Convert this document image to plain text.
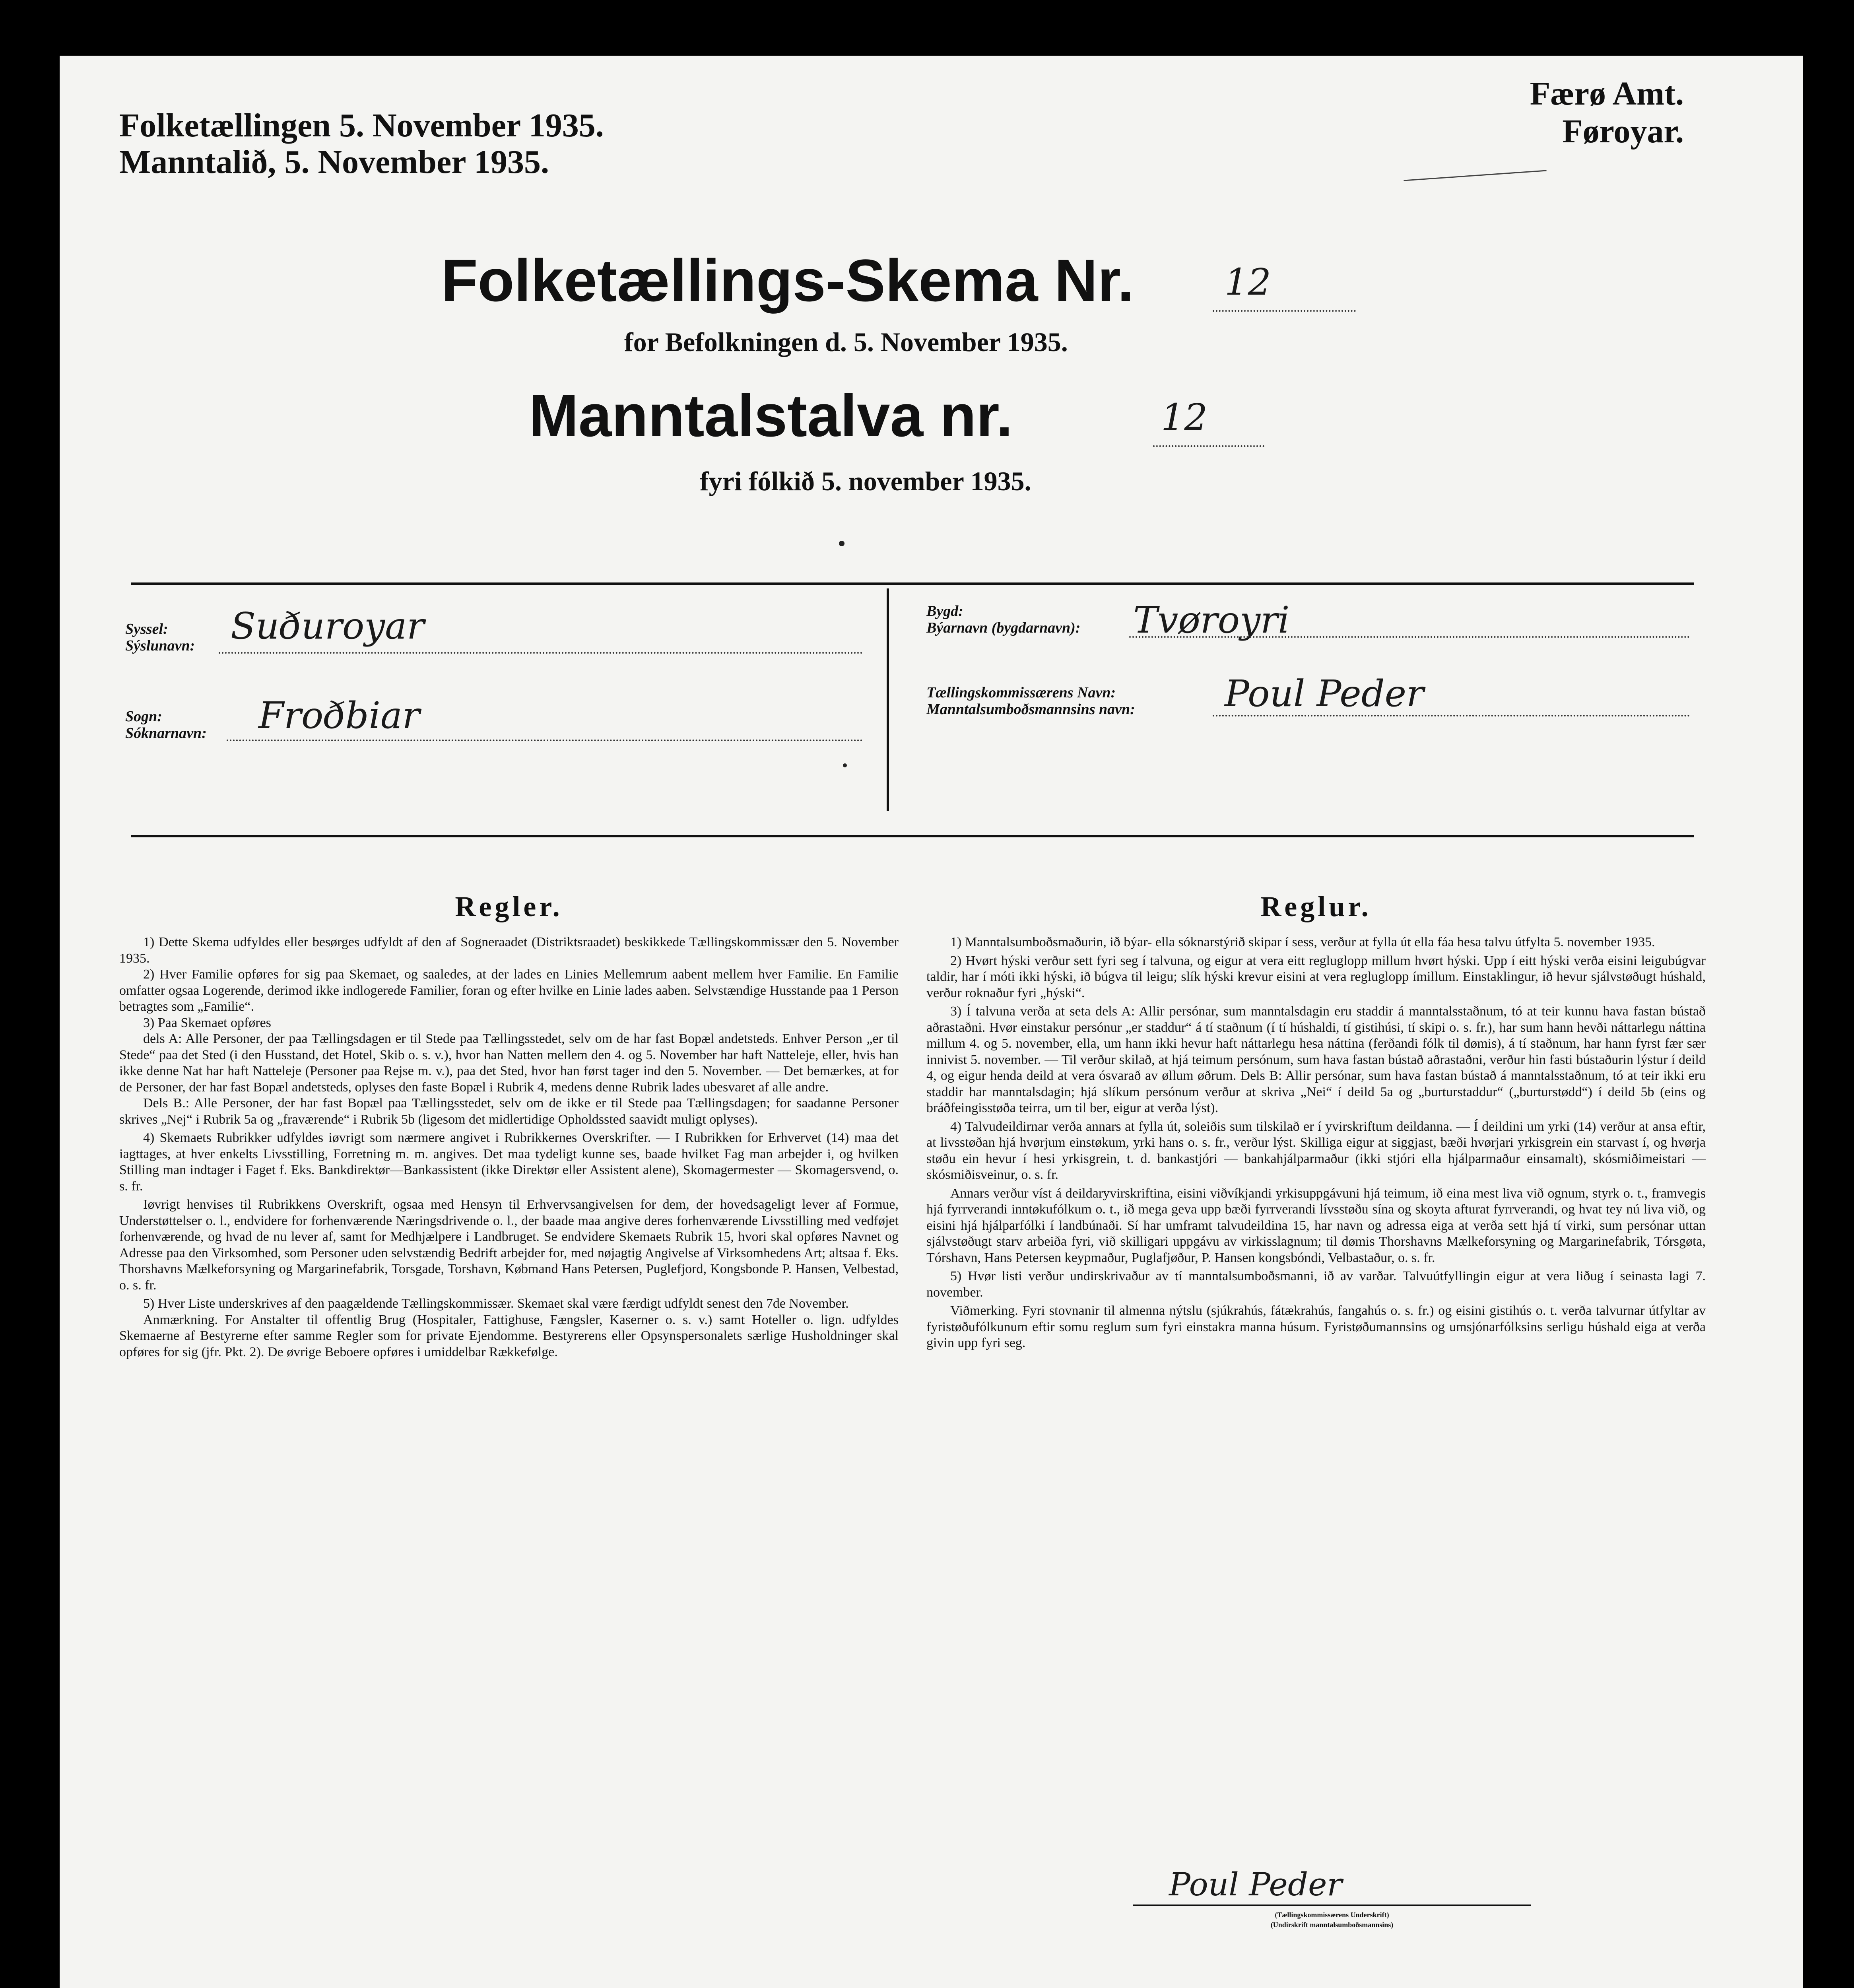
Folketællingen 5. November 1935.
Manntalið, 5. November 1935.
Færø Amt.
Føroyar.
Folketællings-Skema Nr. 12
for Befolkningen d. 5. November 1935.
Manntalstalva nr.	12
fyri fólkið 5. november 1935.
Syssel:
Sýslunavn: Suðuroyar
Sogn:
Sóknarnavn: Froðbiar
Bygd:
Býarnavn (bygdarnavn): Tvøroyri
Tællingskommissærens Navn:
Manntalsumboðsmannsins navn: Poul Peder
Regler.

1) Dette Skema udfyldes eller besørges udfyldt af den af Sogneraadet (Distriktsraadet) beskikkede Tællingskommissær den 5. November 1935.

2) Hver Familie opføres for sig paa Skemaet, og saaledes, at der lades en Linies Mellemrum aabent mellem hver Familie. En Familie omfatter ogsaa Logerende, derimod ikke indlogerede Familier, foran og efter hvilke en Linie lades aaben. Selvstændige Husstande paa 1 Person betragtes som „Familie“.

3) Paa Skemaet opføres

dels A: Alle Personer, der paa Tællingsdagen er til Stede paa Tællingsstedet, selv om de har fast Bopæl andetsteds. Enhver Person „er til Stede“ paa det Sted (i den Husstand, det Hotel, Skib o. s. v.), hvor han Natten mellem den 4. og 5. November har haft Natteleje, eller, hvis han ikke denne Nat har haft Natteleje (Personer paa Rejse m. v.), paa det Sted, hvor han først tager ind den 5. November. — Det bemærkes, at for de Personer, der har fast Bopæl andetsteds, oplyses den faste Bopæl i Rubrik 4, medens denne Rubrik lades ubesvaret af alle andre.

Dels B.: Alle Personer, der har fast Bopæl paa Tællingsstedet, selv om de ikke er til Stede paa Tællingsdagen; for saadanne Personer skrives „Nej“ i Rubrik 5a og „fraværende“ i Rubrik 5b (ligesom det midlertidige Opholdssted saavidt muligt oplyses).

4) Skemaets Rubrikker udfyldes iøvrigt som nærmere angivet i Rubrikkernes Overskrifter. — I Rubrikken for Erhvervet (14) maa det iagttages, at hver enkelts Livsstilling, Forretning m. m. angives. Det maa tydeligt kunne ses, baade hvilket Fag man arbejder i, og hvilken Stilling man indtager i Faget f. Eks. Bankdirektør—Bankassistent (ikke Direktør eller Assistent alene), Skomagermester — Skomagersvend, o. s. fr.

Iøvrigt henvises til Rubrikkens Overskrift, ogsaa med Hensyn til Erhvervsangivelsen for dem, der hovedsageligt lever af Formue, Understøttelser o. l., endvidere for forhenværende Næringsdrivende o. l., der baade maa angive deres forhenværende Livsstilling med vedføjet forhenværende, og hvad de nu lever af, samt for Medhjælpere i Landbruget. Se endvidere Skemaets Rubrik 15, hvori skal opføres Navnet og Adresse paa den Virksomhed, som Personer uden selvstændig Bedrift arbejder for, med nøjagtig Angivelse af Virksomhedens Art; altsaa f. Eks. Thorshavns Mælkeforsyning og Margarinefabrik, Torsgade, Torshavn, Købmand Hans Petersen, Puglefjord, Kongsbonde P. Hansen, Velbestad, o. s. fr.

5) Hver Liste underskrives af den paagældende Tællingskommissær. Skemaet skal være færdigt udfyldt senest den 7de November.

Anmærkning. For Anstalter til offentlig Brug (Hospitaler, Fattighuse, Fængsler, Kaserner o. s. v.) samt Hoteller o. lign. udfyldes Skemaerne af Bestyrerne efter samme Regler som for private Ejendomme. Bestyrerens eller Opsynspersonalets særlige Husholdninger skal opføres for sig (jfr. Pkt. 2). De øvrige Beboere opføres i umiddelbar Rækkefølge.

Reglur.

1) Manntalsumboðsmaðurin, ið býar- ella sóknarstýrið skipar í sess, verður at fylla út ella fáa hesa talvu útfylta 5. november 1935.

2) Hvørt hýski verður sett fyri seg í talvuna, og eigur at vera eitt regluglopp millum hvørt hýski. Upp í eitt hýski verða eisini leigubúgvar taldir, har í móti ikki hýski, ið búgva til leigu; slík hýski krevur eisini at vera regluglopp ímillum. Einstaklingur, ið hevur sjálvstøðugt húshald, verður roknaður fyri „hýski“.

3) Í talvuna verða at seta dels A: Allir persónar, sum manntalsdagin eru staddir á manntalsstaðnum, tó at teir kunnu hava fastan bústað aðrastaðni. Hvør einstakur persónur „er staddur“ á tí staðnum (í tí húshaldi, tí gistihúsi, tí skipi o. s. fr.), har sum hann hevði náttarlegu náttina millum 4. og 5. november, ella, um hann ikki hevur haft náttarlegu hesa náttina (ferðandi fólk til dømis), á tí staðnum, har hann fyrst fær sær innivist 5. november. — Til verður skilað, at hjá teimum persónum, sum hava fastan bústað aðrastaðni, verður hin fasti bústaðurin lýstur í deild 4, og eigur henda deild at vera ósvarað av øllum øðrum. Dels B: Allir persónar, sum hava fastan bústað á manntalsstaðnum, tó at teir ikki eru staddir har manntalsdagin; hjá slíkum persónum verður at skriva „Nei“ í deild 5a og „burturstaddur“ („burturstødd“) í deild 5b (eins og bráðfeingisstøða teirra, um til ber, eigur at verða lýst).

4) Talvudeildirnar verða annars at fylla út, soleiðis sum tilskilað er í yvirskriftum deildanna. — Í deildini um yrki (14) verður at ansa eftir, at livsstøðan hjá hvørjum einstøkum, yrki hans o. s. fr., verður lýst. Skilliga eigur at siggjast, bæði hvørjari yrkisgrein ein starvast í, og hvørja støðu ein hevur í hesi yrkisgrein, t. d. bankastjóri — bankahjálparmaður (ikki stjóri ella hjálparmaður einsamalt), skósmiðimeistari — skósmiðisveinur, o. s. fr.

Annars verður víst á deildaryvirskriftina, eisini viðvíkjandi yrkisuppgávuni hjá teimum, ið eina mest liva við ognum, styrk o. t., framvegis hjá fyrrverandi inntøkufólkum o. t., ið mega geva upp bæði fyrrverandi lívsstøðu sína og skoyta afturat fyrrverandi, og hvat tey nú liva við, og eisini hjá hjálparfólki í landbúnaði. Sí har umframt talvudeildina 15, har navn og adressa eiga at verða sett hjá tí virki, sum persónar uttan sjálvstøðugt starv arbeiða fyri, við skilligari uppgávu av virkisslagnum; til dømis Thorshavns Mælkeforsyning og Margarinefabrik, Tórsgøta, Tórshavn, Hans Petersen keypmaður, Puglafjøður, P. Hansen kongsbóndi, Velbastaður, o. s. fr.

5) Hvør listi verður undirskrivaður av tí manntalsumboðsmanni, ið av varðar. Talvuútfyllingin eigur at vera liðug í seinasta lagi 7. november.

Viðmerking. Fyri stovnanir til almenna nýtslu (sjúkrahús, fátækrahús, fangahús o. s. fr.) og eisini gistihús o. t. verða talvurnar útfyltar av fyristøðufólkunum eftir somu reglum sum fyri einstakra manna húsum. Fyristøðumannsins og umsjónarfólksins serligu húshald eiga at verða givin upp fyri seg.

Poul Peder
(Tællingskommissærens Underskrift)
(Undirskrift manntalsumboðsmannsins)
